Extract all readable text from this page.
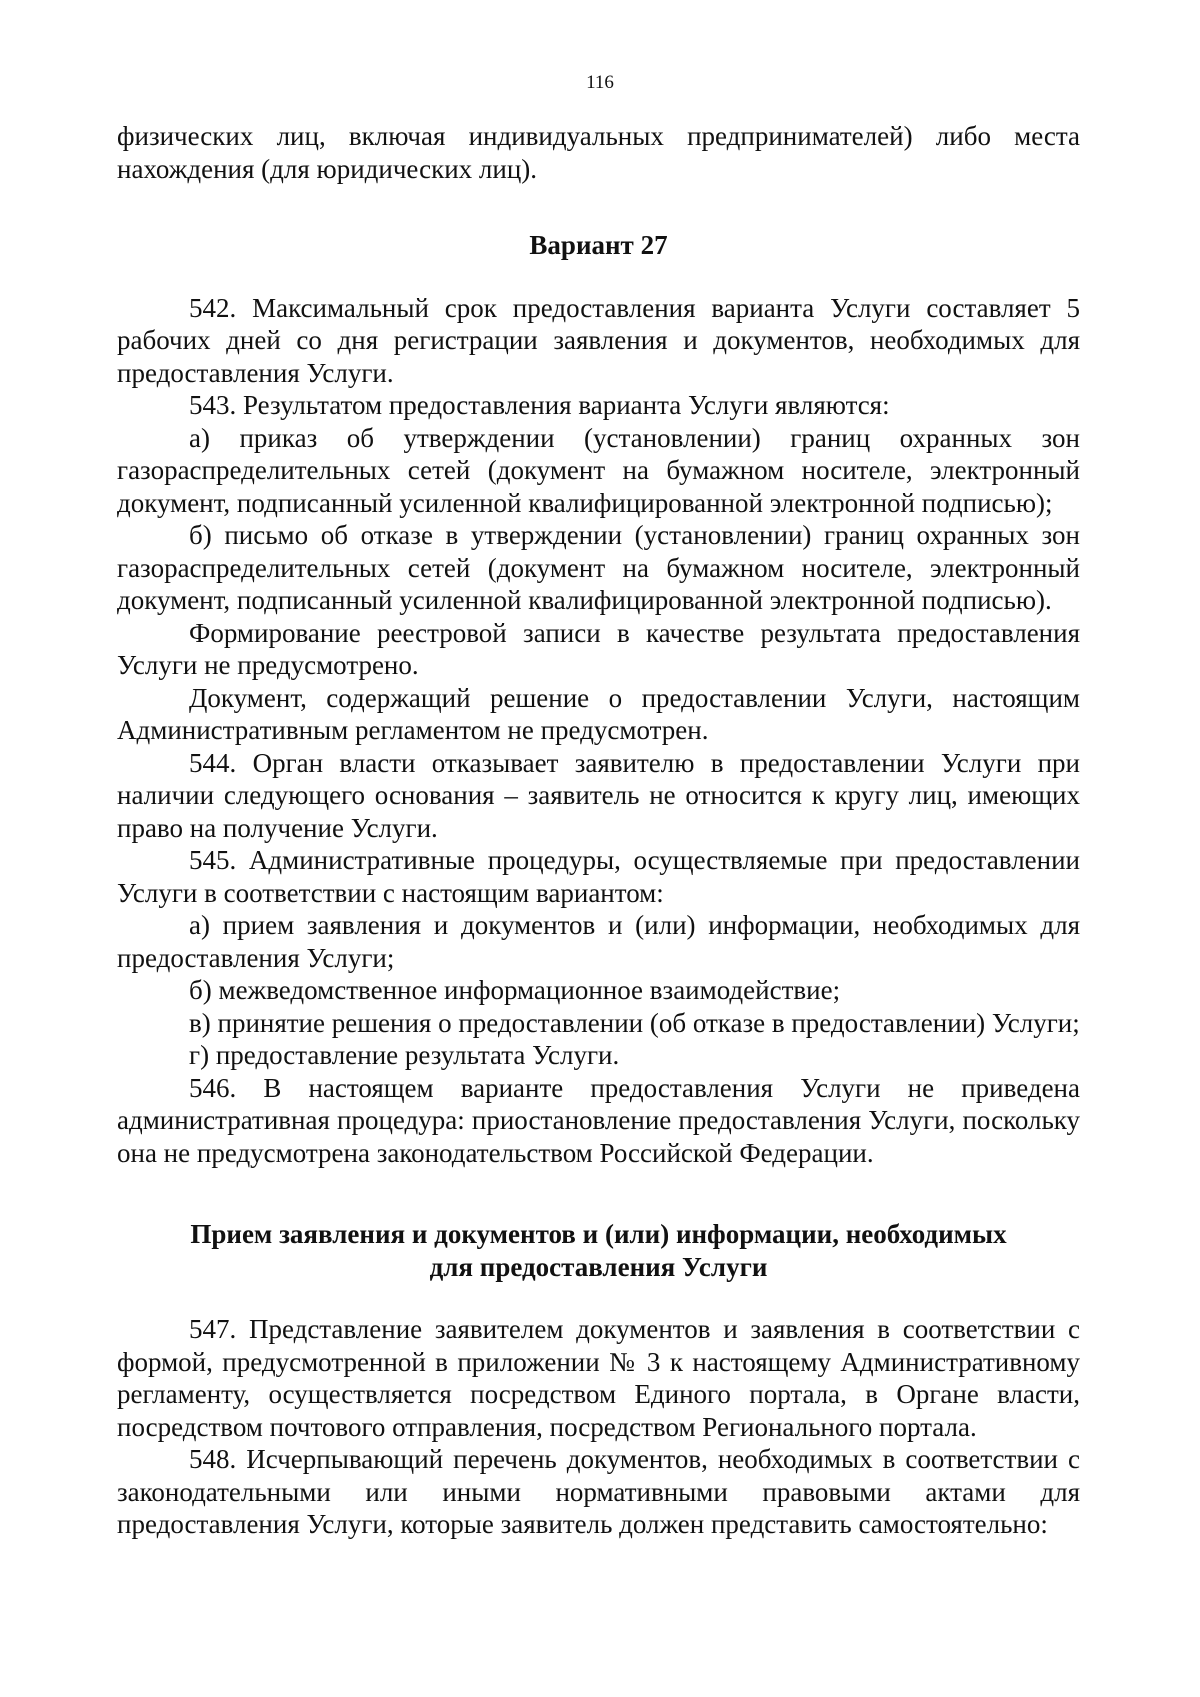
116

физических лиц, включая индивидуальных предпринимателей) либо места нахождения (для юридических лиц).

Вариант 27

542. Максимальный срок предоставления варианта Услуги составляет 5 рабочих дней со дня регистрации заявления и документов, необходимых для предоставления Услуги.

543. Результатом предоставления варианта Услуги являются:

а) приказ об утверждении (установлении) границ охранных зон газораспределительных сетей (документ на бумажном носителе, электронный документ, подписанный усиленной квалифицированной электронной подписью);

б) письмо об отказе в утверждении (установлении) границ охранных зон газораспределительных сетей (документ на бумажном носителе, электронный документ, подписанный усиленной квалифицированной электронной подписью).

Формирование реестровой записи в качестве результата предоставления Услуги не предусмотрено.

Документ, содержащий решение о предоставлении Услуги, настоящим Административным регламентом не предусмотрен.

544. Орган власти отказывает заявителю в предоставлении Услуги при наличии следующего основания – заявитель не относится к кругу лиц, имеющих право на получение Услуги.

545. Административные процедуры, осуществляемые при предоставлении Услуги в соответствии с настоящим вариантом:

а) прием заявления и документов и (или) информации, необходимых для предоставления Услуги;

б) межведомственное информационное взаимодействие;

в) принятие решения о предоставлении (об отказе в предоставлении) Услуги;

г) предоставление результата Услуги.

546. В настоящем варианте предоставления Услуги не приведена административная процедура: приостановление предоставления Услуги, поскольку она не предусмотрена законодательством Российской Федерации.

Прием заявления и документов и (или) информации, необходимых для предоставления Услуги

547. Представление заявителем документов и заявления в соответствии с формой, предусмотренной в приложении № 3 к настоящему Административному регламенту, осуществляется посредством Единого портала, в Органе власти, посредством почтового отправления, посредством Регионального портала.

548. Исчерпывающий перечень документов, необходимых в соответствии с законодательными или иными нормативными правовыми актами для предоставления Услуги, которые заявитель должен представить самостоятельно:
